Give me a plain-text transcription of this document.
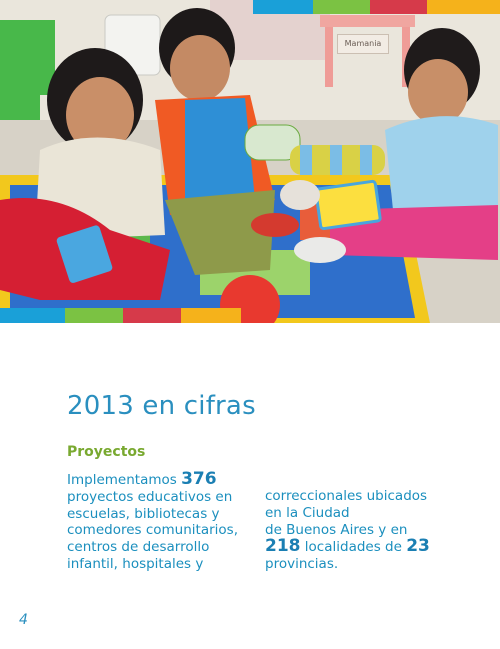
Mamania
2013 en cifras
Proyectos

Implementamos 376
proyectos educativos en
escuelas, bibliotecas y
comedores comunitarios,
centros de desarrollo
infantil, hospitales y

correccionales ubicados
en la Ciudad
de Buenos Aires y en
218 localidades de 23
provincias.

4
